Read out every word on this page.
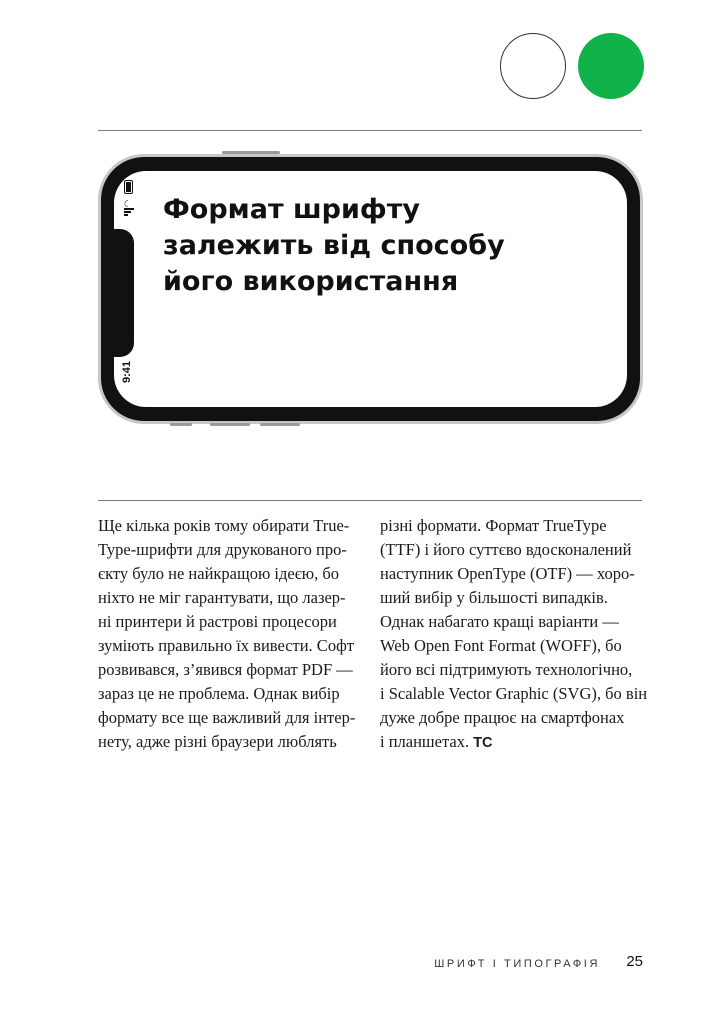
◠
9:41
Формат шрифту
залежить від способу
його використання
Ще кілька років тому обирати True-
Type-шрифти для друкованого про-
єкту було не найкращою ідеєю, бо
ніхто не міг гарантувати, що лазер-
ні принтери й растрові процесори
зуміють правильно їх вивести. Софт
розвивався, з’явився формат PDF —
зараз це не проблема. Однак вибір
формату все ще важливий для інтер-
нету, адже різні браузери люблять
різні формати. Формат TrueType
(TTF) і його суттєво вдосконалений
наступник OpenType (OTF) — хоро-
ший вибір у більшості випадків.
Однак набагато кращі варіанти —
Web Open Font Format (WOFF), бо
його всі підтримують технологічно,
і Scalable Vector Graphic (SVG), бо він
дуже добре працює на смартфонах
і планшетах. ТС
ШРИФТ І ТИПОГРАФІЯ	25
